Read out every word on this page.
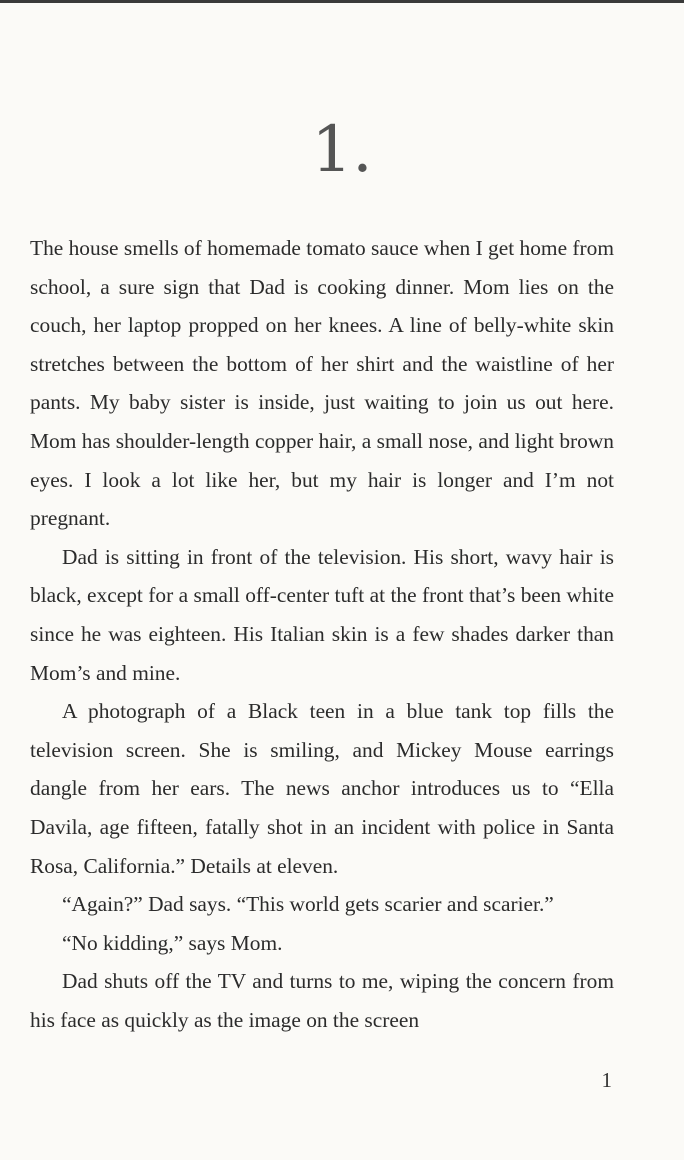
1.

The house smells of homemade tomato sauce when I get home from school, a sure sign that Dad is cooking dinner. Mom lies on the couch, her laptop propped on her knees. A line of belly-white skin stretches between the bottom of her shirt and the waistline of her pants. My baby sister is inside, just waiting to join us out here. Mom has shoulder-length copper hair, a small nose, and light brown eyes. I look a lot like her, but my hair is longer and I’m not pregnant.

Dad is sitting in front of the television. His short, wavy hair is black, except for a small off-center tuft at the front that’s been white since he was eighteen. His Italian skin is a few shades darker than Mom’s and mine.

A photograph of a Black teen in a blue tank top fills the television screen. She is smiling, and Mickey Mouse earrings dangle from her ears. The news anchor introduces us to “Ella Davila, age fifteen, fatally shot in an incident with police in Santa Rosa, California.” Details at eleven.

“Again?” Dad says. “This world gets scarier and scarier.”

“No kidding,” says Mom.

Dad shuts off the TV and turns to me, wiping the concern from his face as quickly as the image on the screen

1
